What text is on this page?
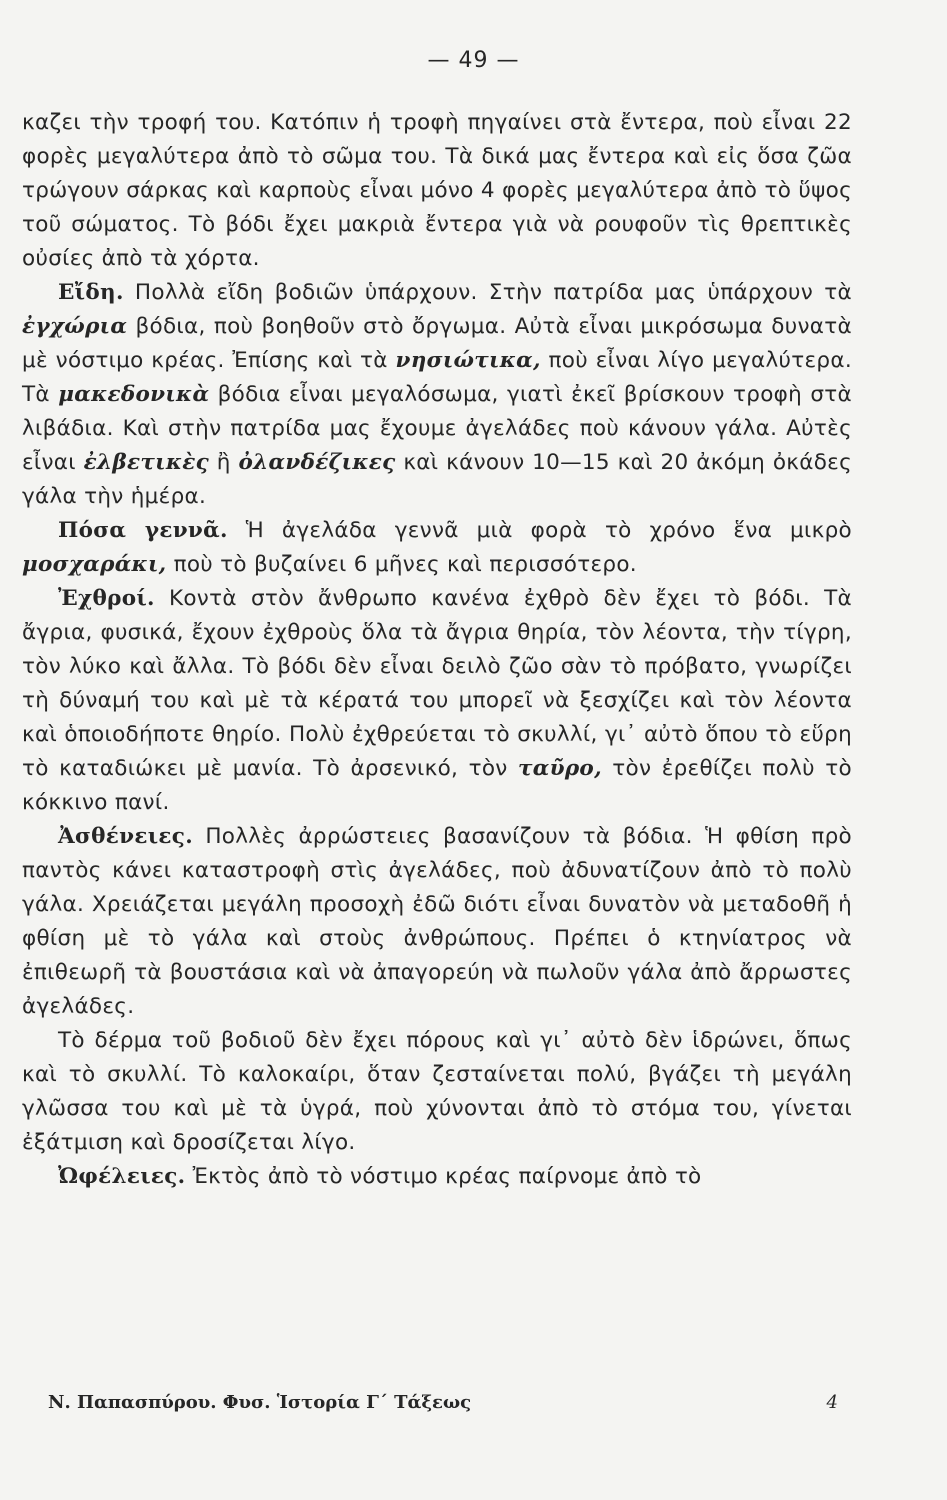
— 49 —

καζει τὴν τροφή του. Κατόπιν ἡ τροφὴ πηγαίνει στὰ ἔντερα, ποὺ εἶναι 22 φορὲς μεγαλύτερα ἀπὸ τὸ σῶμα του. Τὰ δικά μας ἔντερα καὶ εἰς ὅσα ζῶα τρώγουν σάρκας καὶ καρποὺς εἶναι μόνο 4 φορὲς μεγαλύτερα ἀπὸ τὸ ὕψος τοῦ σώματος. Τὸ βόδι ἔχει μακριὰ ἔντερα γιὰ νὰ ρουφοῦν τὶς θρεπτικὲς οὐσίες ἀπὸ τὰ χόρτα.

Εἴδη. Πολλὰ εἴδη βοδιῶν ὑπάρχουν. Στὴν πατρίδα μας ὑπάρχουν τὰ ἐγχώρια βόδια, ποὺ βοηθοῦν στὸ ὄργωμα. Αὐτὰ εἶναι μικρόσωμα δυνατὰ μὲ νόστιμο κρέας. Ἐπίσης καὶ τὰ νησιώτικα, ποὺ εἶναι λίγο μεγαλύτερα. Τὰ μακεδονικὰ βόδια εἶναι μεγαλόσωμα, γιατὶ ἐκεῖ βρίσκουν τροφὴ στὰ λιβάδια. Καὶ στὴν πατρίδα μας ἔχουμε ἀγελάδες ποὺ κάνουν γάλα. Αὐτὲς εἶναι ἐλβετικὲς ἢ ὀλανδέζικες καὶ κάνουν 10—15 καὶ 20 ἀκόμη ὀκάδες γάλα τὴν ἡμέρα.

Πόσα γεννᾶ. Ἡ ἀγελάδα γεννᾶ μιὰ φορὰ τὸ χρόνο ἕνα μικρὸ μοσχαράκι, ποὺ τὸ βυζαίνει 6 μῆνες καὶ περισσότερο.

Ἐχθροί. Κοντὰ στὸν ἄνθρωπο κανένα ἐχθρὸ δὲν ἔχει τὸ βόδι. Τὰ ἄγρια, φυσικά, ἔχουν ἐχθροὺς ὅλα τὰ ἄγρια θηρία, τὸν λέοντα, τὴν τίγρη, τὸν λύκο καὶ ἄλλα. Τὸ βόδι δὲν εἶναι δειλὸ ζῶο σὰν τὸ πρόβατο, γνωρίζει τὴ δύναμή του καὶ μὲ τὰ κέρατά του μπορεῖ νὰ ξεσχίζει καὶ τὸν λέοντα καὶ ὁποιοδήποτε θηρίο. Πολὺ ἐχθρεύεται τὸ σκυλλί, γι᾽ αὐτὸ ὅπου τὸ εὕρη τὸ καταδιώκει μὲ μανία. Τὸ ἀρσενικό, τὸν ταῦρο, τὸν ἐρεθίζει πολὺ τὸ κόκκινο πανί.

Ἀσθένειες. Πολλὲς ἀρρώστειες βασανίζουν τὰ βόδια. Ἡ φθίση πρὸ παντὸς κάνει καταστροφὴ στὶς ἀγελάδες, ποὺ ἀδυνατίζουν ἀπὸ τὸ πολὺ γάλα. Χρειάζεται μεγάλη προσοχὴ ἐδῶ διότι εἶναι δυνατὸν νὰ μεταδοθῆ ἡ φθίση μὲ τὸ γάλα καὶ στοὺς ἀνθρώπους. Πρέπει ὁ κτηνίατρος νὰ ἐπιθεωρῆ τὰ βουστάσια καὶ νὰ ἀπαγορεύη νὰ πωλοῦν γάλα ἀπὸ ἄρρωστες ἀγελάδες.

Τὸ δέρμα τοῦ βοδιοῦ δὲν ἔχει πόρους καὶ γι᾽ αὐτὸ δὲν ἱδρώνει, ὅπως καὶ τὸ σκυλλί. Τὸ καλοκαίρι, ὅταν ζεσταίνεται πολύ, βγάζει τὴ μεγάλη γλῶσσα του καὶ μὲ τὰ ὑγρά, ποὺ χύνονται ἀπὸ τὸ στόμα του, γίνεται ἐξάτμιση καὶ δροσίζεται λίγο.

Ὠφέλειες. Ἐκτὸς ἀπὸ τὸ νόστιμο κρέας παίρνομε ἀπὸ τὸ

Ν. Παπασπύρου. Φυσ. Ἱστορία Γ´ Τάξεως	4
